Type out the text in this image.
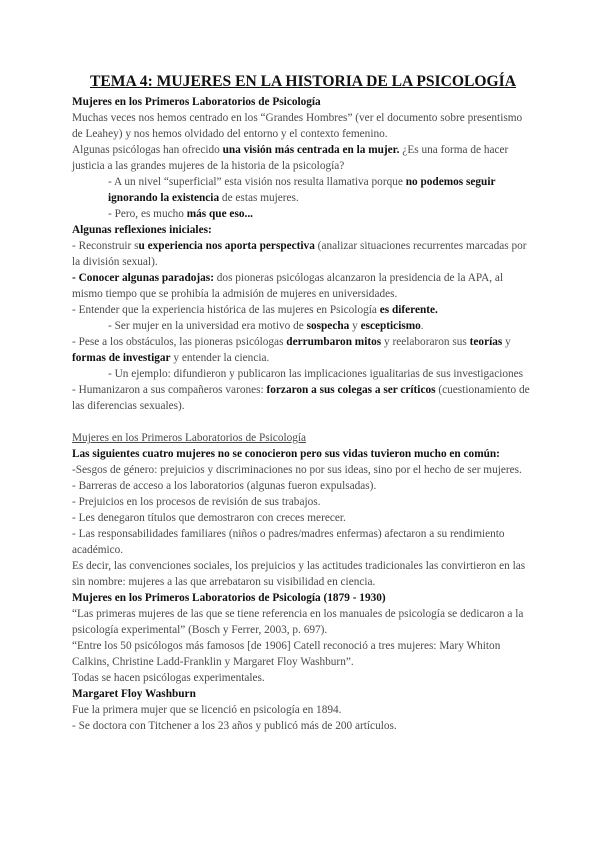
TEMA 4: MUJERES EN LA HISTORIA DE LA PSICOLOGÍA

Mujeres en los Primeros Laboratorios de Psicología

Muchas veces nos hemos centrado en los “Grandes Hombres” (ver el documento sobre presentismo de Leahey) y nos hemos olvidado del entorno y el contexto femenino.

Algunas psicólogas han ofrecido una visión más centrada en la mujer. ¿Es una forma de hacer justicia a las grandes mujeres de la historia de la psicología?

- A un nivel “superficial” esta visión nos resulta llamativa porque no podemos seguir ignorando la existencia de estas mujeres.

- Pero, es mucho más que eso...

Algunas reflexiones iniciales:

- Reconstruir su experiencia nos aporta perspectiva (analizar situaciones recurrentes marcadas por la división sexual).

- Conocer algunas paradojas: dos pioneras psicólogas alcanzaron la presidencia de la APA, al mismo tiempo que se prohibía la admisión de mujeres en universidades.

- Entender que la experiencia histórica de las mujeres en Psicología es diferente.

- Ser mujer en la universidad era motivo de sospecha y escepticismo.

- Pese a los obstáculos, las pioneras psicólogas derrumbaron mitos y reelaboraron sus teorías y formas de investigar y entender la ciencia.

- Un ejemplo: difundieron y publicaron las implicaciones igualitarias de sus investigaciones

- Humanizaron a sus compañeros varones: forzaron a sus colegas a ser críticos (cuestionamiento de las diferencias sexuales).

Mujeres en los Primeros Laboratorios de Psicología

Las siguientes cuatro mujeres no se conocieron pero sus vidas tuvieron mucho en común:

-Sesgos de género: prejuicios y discriminaciones no por sus ideas, sino por el hecho de ser mujeres.

- Barreras de acceso a los laboratorios (algunas fueron expulsadas).

- Prejuicios en los procesos de revisión de sus trabajos.

- Les denegaron títulos que demostraron con creces merecer.

- Las responsabilidades familiares (niños o padres/madres enfermas) afectaron a su rendimiento académico.

Es decir, las convenciones sociales, los prejuicios y las actitudes tradicionales las convirtieron en las sin nombre: mujeres a las que arrebataron su visibilidad en ciencia.

Mujeres en los Primeros Laboratorios de Psicología (1879 - 1930)

“Las primeras mujeres de las que se tiene referencia en los manuales de psicología se dedicaron a la psicología experimental” (Bosch y Ferrer, 2003, p. 697).

“Entre los 50 psicólogos más famosos [de 1906] Catell reconoció a tres mujeres: Mary Whiton Calkins, Christine Ladd-Franklin y Margaret Floy Washburn”.

Todas se hacen psicólogas experimentales.

Margaret Floy Washburn

Fue la primera mujer que se licenció en psicología en 1894.

- Se doctora con Titchener a los 23 años y publicó más de 200 artículos.
